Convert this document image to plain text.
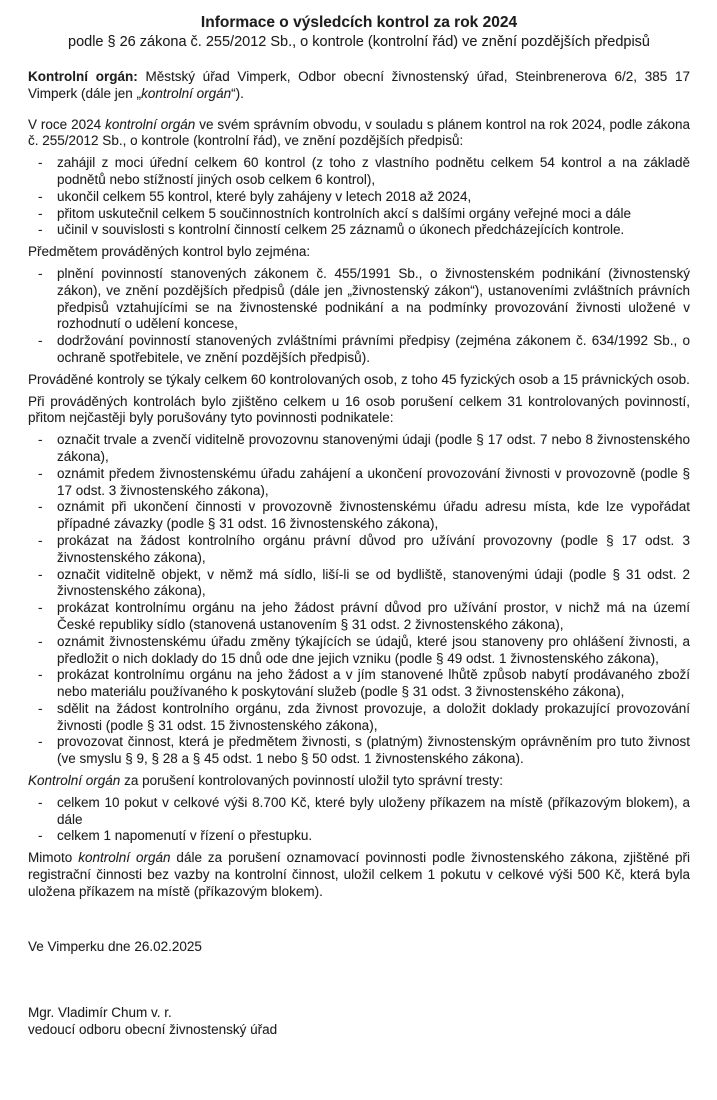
Informace o výsledcích kontrol za rok 2024
podle § 26 zákona č. 255/2012 Sb., o kontrole (kontrolní řád) ve znění pozdějších předpisů

Kontrolní orgán: Městský úřad Vimperk, Odbor obecní živnostenský úřad, Steinbrenerova 6/2, 385 17 Vimperk (dále jen „kontrolní orgán“).

V roce 2024 kontrolní orgán ve svém správním obvodu, v souladu s plánem kontrol na rok 2024, podle zákona č. 255/2012 Sb., o kontrole (kontrolní řád), ve znění pozdějších předpisů:

- zahájil z moci úřední celkem 60 kontrol (z toho z vlastního podnětu celkem 54 kontrol a na základě podnětů nebo stížností jiných osob celkem 6 kontrol),
- ukončil celkem 55 kontrol, které byly zahájeny v letech 2018 až 2024,
- přitom uskutečnil celkem 5 součinnostních kontrolních akcí s dalšími orgány veřejné moci a dále
- učinil v souvislosti s kontrolní činností celkem 25 záznamů o úkonech předcházejících kontrole.

Předmětem prováděných kontrol bylo zejména:

- plnění povinností stanovených zákonem č. 455/1991 Sb., o živnostenském podnikání (živnostenský zákon), ve znění pozdějších předpisů (dále jen „živnostenský zákon“), ustanoveními zvláštních právních předpisů vztahujícími se na živnostenské podnikání a na podmínky provozování živnosti uložené v rozhodnutí o udělení koncese,
- dodržování povinností stanovených zvláštními právními předpisy (zejména zákonem č. 634/1992 Sb., o ochraně spotřebitele, ve znění pozdějších předpisů).

Prováděné kontroly se týkaly celkem 60 kontrolovaných osob, z toho 45 fyzických osob a 15 právnických osob.

Při prováděných kontrolách bylo zjištěno celkem u 16 osob porušení celkem 31 kontrolovaných povinností, přitom nejčastěji byly porušovány tyto povinnosti podnikatele:

- označit trvale a zvenčí viditelně provozovnu stanovenými údaji (podle § 17 odst. 7 nebo 8 živnostenského zákona),
- oznámit předem živnostenskému úřadu zahájení a ukončení provozování živnosti v provozovně (podle § 17 odst. 3 živnostenského zákona),
- oznámit při ukončení činnosti v provozovně živnostenskému úřadu adresu místa, kde lze vypořádat případné závazky (podle § 31 odst. 16 živnostenského zákona),
- prokázat na žádost kontrolního orgánu právní důvod pro užívání provozovny (podle § 17 odst. 3 živnostenského zákona),
- označit viditelně objekt, v němž má sídlo, liší-li se od bydliště, stanovenými údaji (podle § 31 odst. 2 živnostenského zákona),
- prokázat kontrolnímu orgánu na jeho žádost právní důvod pro užívání prostor, v nichž má na území České republiky sídlo (stanovená ustanovením § 31 odst. 2 živnostenského zákona),
- oznámit živnostenskému úřadu změny týkajících se údajů, které jsou stanoveny pro ohlášení živnosti, a předložit o nich doklady do 15 dnů ode dne jejich vzniku (podle § 49 odst. 1 živnostenského zákona),
- prokázat kontrolnímu orgánu na jeho žádost a v jím stanovené lhůtě způsob nabytí prodávaného zboží nebo materiálu používaného k poskytování služeb (podle § 31 odst. 3 živnostenského zákona),
- sdělit na žádost kontrolního orgánu, zda živnost provozuje, a doložit doklady prokazující provozování živnosti (podle § 31 odst. 15 živnostenského zákona),
- provozovat činnost, která je předmětem živnosti, s (platným) živnostenským oprávněním pro tuto živnost (ve smyslu § 9, § 28 a § 45 odst. 1 nebo § 50 odst. 1 živnostenského zákona).

Kontrolní orgán za porušení kontrolovaných povinností uložil tyto správní tresty:

- celkem 10 pokut v celkové výši 8.700 Kč, které byly uloženy příkazem na místě (příkazovým blokem), a dále
- celkem 1 napomenutí v řízení o přestupku.

Mimoto kontrolní orgán dále za porušení oznamovací povinnosti podle živnostenského zákona, zjištěné při registrační činnosti bez vazby na kontrolní činnost, uložil celkem 1 pokutu v celkové výši 500 Kč, která byla uložena příkazem na místě (příkazovým blokem).

Ve Vimperku dne 26.02.2025

Mgr. Vladimír Chum v. r.
vedoucí odboru obecní živnostenský úřad
